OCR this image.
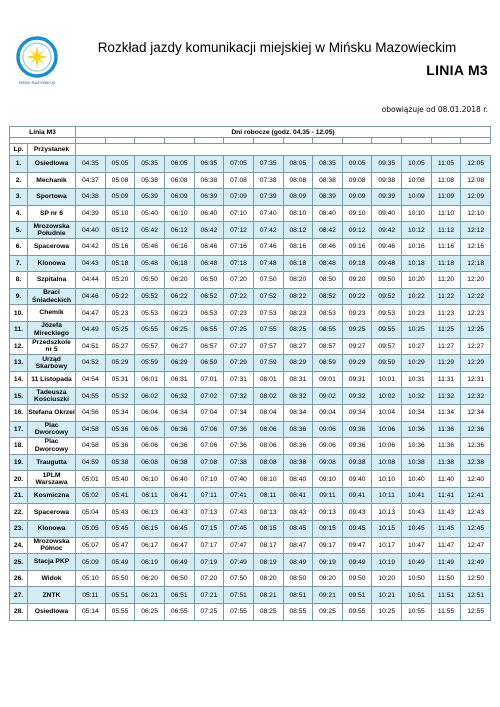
MIŃSK MAZOWIECKI
Rozkład jazdy komunikacji miejskiej w Mińsku Mazowieckim
LINIA M3
obowiązuje od 08.01.2018 r.
Linia M3		Dni robocze (godz. 04.35 - 12.05)													

Lp.	Przystanek														
1.	Osiedlowa	04:35	05:05	05:35	06:05	06:35	07:05	07:35	08:05	08:35	09:05	09:35	10:05	11:05	12:05
2.	Mechanik	04:37	05:08	05:38	06:08	06:38	07:08	07:38	08:08	08:38	09:08	09:38	10:08	11:08	12:08
3.	Sportowa	04:38	05:09	05:39	06:09	06:39	07:09	07:39	08:09	08:39	09:09	09:39	10:09	11:09	12:09
4.	SP nr 6	04:39	05:10	05:40	06:10	06:40	07:10	07:40	08:10	08:40	09:10	09:40	10:10	11:10	12:10
5.	Mrozowska Południe	04:40	05:12	05:42	06:12	06:42	07:12	07:42	08:12	08:42	09:12	09:42	10:12	11:12	12:12
6.	Spacerowa	04:42	05:16	05:46	06:16	06:46	07:16	07:46	08:16	08:46	09:16	09:46	10:16	11:16	12:16
7.	Klonowa	04:43	05:18	05:48	06:18	06:48	07:18	07:48	08:18	08:48	09:18	09:48	10:18	11:18	12:18
8.	Szpitalna	04:44	05:20	05:50	06:20	06:50	07:20	07:50	08:20	08:50	09:20	09:50	10:20	11:20	12:20
9.	Braci Śniadeckich	04:46	05:22	05:52	06:22	06:52	07:22	07:52	08:22	08:52	09:22	09:52	10:22	11:22	12:22
10.	Chemik	04:47	05:23	05:53	06:23	06:53	07:23	07:53	08:23	08:53	09:23	09:53	10:23	11:23	12:23
11.	Józefa Mireckiego	04:49	05:25	05:55	06:25	06:55	07:25	07:55	08:25	08:55	09:25	09:55	10:25	11:25	12:25
12.	Przedszkole nr 5	04:51	05:27	05:57	06:27	06:57	07:27	07:57	08:27	08:57	09:27	09:57	10:27	11:27	12:27
13.	Urząd Skarbowy	04:52	05:29	05:59	06:29	06:59	07:29	07:59	08:29	08:59	09:29	09:59	10:29	11:29	12:29
14.	11 Listopada	04:54	05:31	06:01	06:31	07:01	07:31	08:01	08:31	09:01	09:31	10:01	10:31	11:31	12:31
15.	Tadeusza Kościuszki	04:55	05:32	06:02	06:32	07:02	07:32	08:02	08:32	09:02	09:32	10:02	10:32	11:32	12:32
16.	Stefana Okrzei	04:56	05:34	06:04	06:34	07:04	07:34	08:04	08:34	09:04	09:34	10:04	10:34	11:34	12:34
17.	Plac Dworcowy	04:58	05:36	06:06	06:36	07:06	07:36	08:06	08:36	09:06	09:36	10:06	10:36	11:36	12:36
18.	Plac Dworcowy	04:58	05:36	06:06	06:36	07:06	07:36	08:06	08:36	09:06	09:36	10:06	10:36	11:36	12:36
19.	Traugutta	04:59	05:38	06:08	06:38	07:08	07:38	08:08	08:38	09:08	09:38	10:08	10:38	11:38	12:38
20.	1PLM Warszawa	05:01	05:40	06:10	06:40	07:10	07:40	08:10	08:40	09:10	09:40	10:10	10:40	11:40	12:40
21.	Kosmiczna	05:02	05:41	06:11	06:41	07:11	07:41	08:11	08:41	09:11	09:41	10:11	10:41	11:41	12:41
22.	Spacerowa	05:04	05:43	06:13	06:43	07:13	07:43	08:13	08:43	09:13	09:43	10:13	10:43	11:43	12:43
23.	Klonowa	05:05	05:45	06:15	06:45	07:15	07:45	08:15	08:45	09:15	09:45	10:15	10:45	11:45	12:45
24.	Mrozowska Północ	05:07	05:47	06:17	06:47	07:17	07:47	08:17	08:47	09:17	09:47	10:17	10:47	11:47	12:47
25.	Stacja PKP	05:09	05:49	06:19	06:49	07:19	07:49	08:19	08:49	09:19	09:49	10:19	10:49	11:49	12:49
26.	Widok	05:10	05:50	06:20	06:50	07:20	07:50	08:20	08:50	09:20	09:50	10:20	10:50	11:50	12:50
27.	ZNTK	05:11	05:51	06:21	06:51	07:21	07:51	08:21	08:51	09:21	09:51	10:21	10:51	11:51	12:51
28.	Osiedlowa	05:14	05:55	06:25	06:55	07:25	07:55	08:25	08:55	09:25	09:55	10:25	10:55	11:55	12:55
